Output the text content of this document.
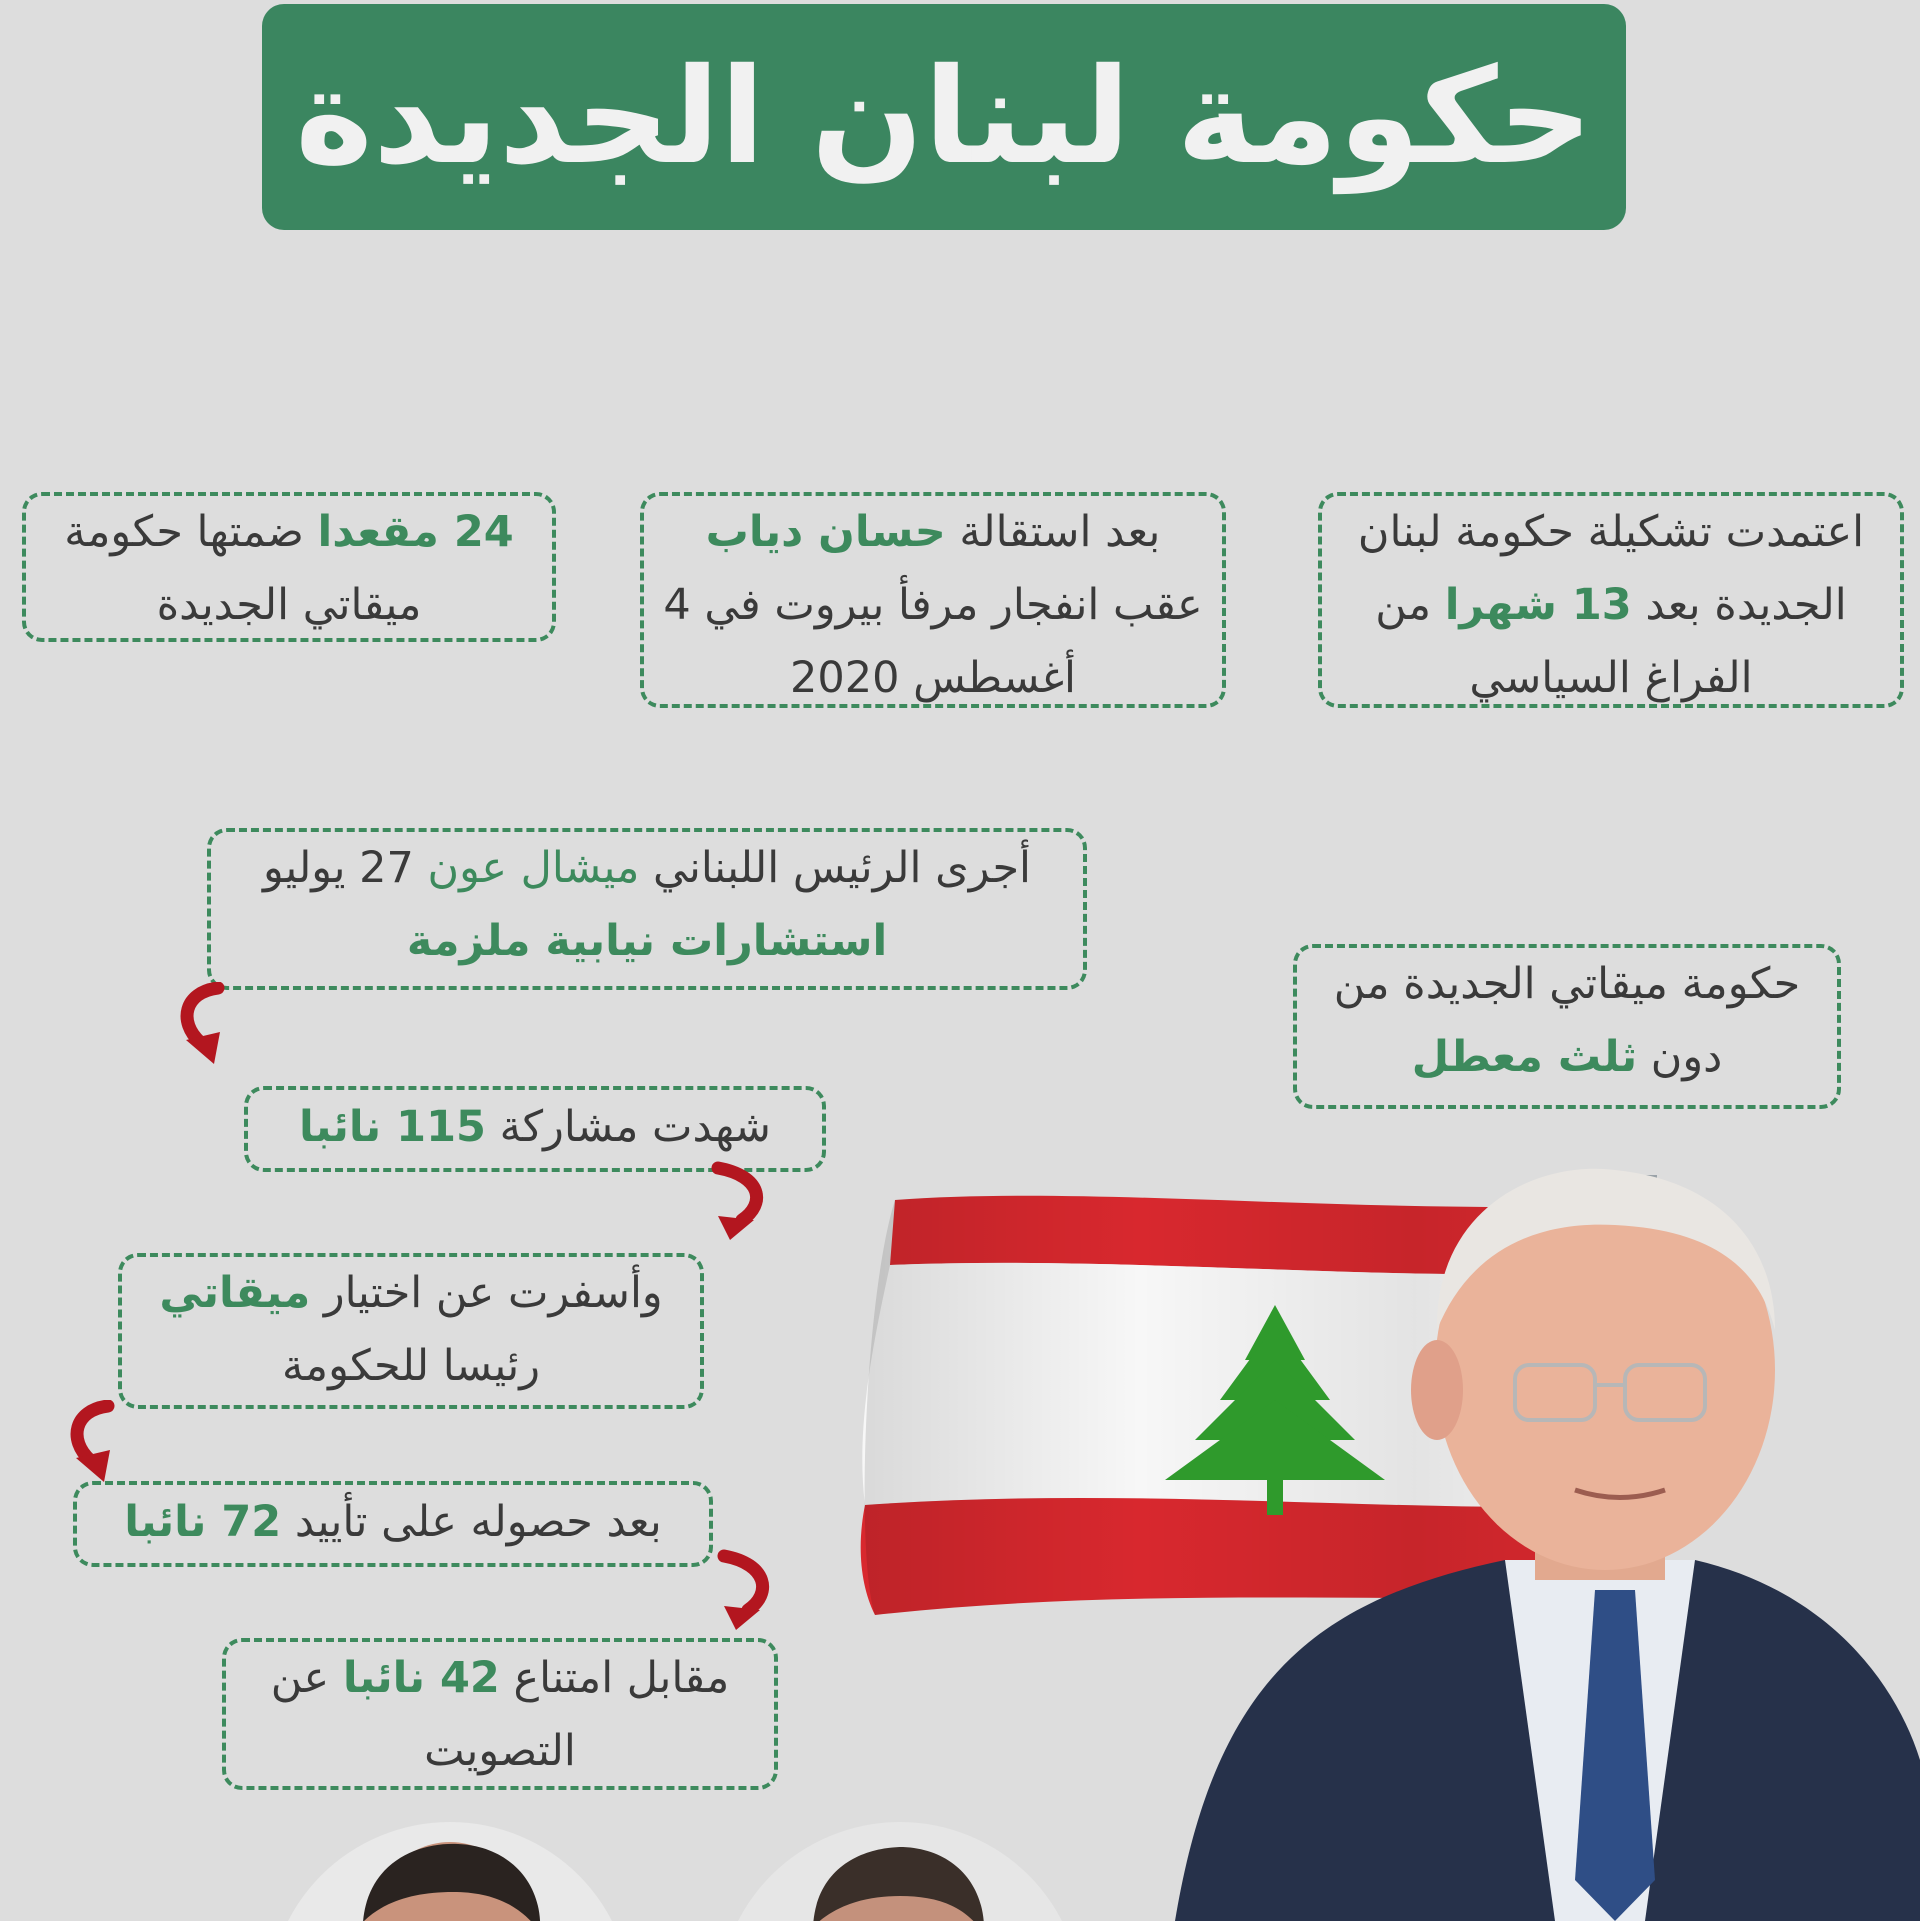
حكومة لبنان الجديدة
اعتمدت تشكيلة حكومة لبنان الجديدة بعد 13 شهرا من الفراغ السياسي
بعد استقالة حسان دياب عقب انفجار مرفأ بيروت في 4 أغسطس 2020
24 مقعدا ضمتها حكومة ميقاتي الجديدة
أجرى الرئيس اللبناني ميشال عون 27 يوليو استشارات نيابية ملزمة
حكومة ميقاتي الجديدة من دون ثلث معطل
شهدت مشاركة 115 نائبا
وأسفرت عن اختيار ميقاتي رئيسا للحكومة
بعد حصوله على تأييد 72 نائبا
مقابل امتناع 42 نائبا عن التصويت
